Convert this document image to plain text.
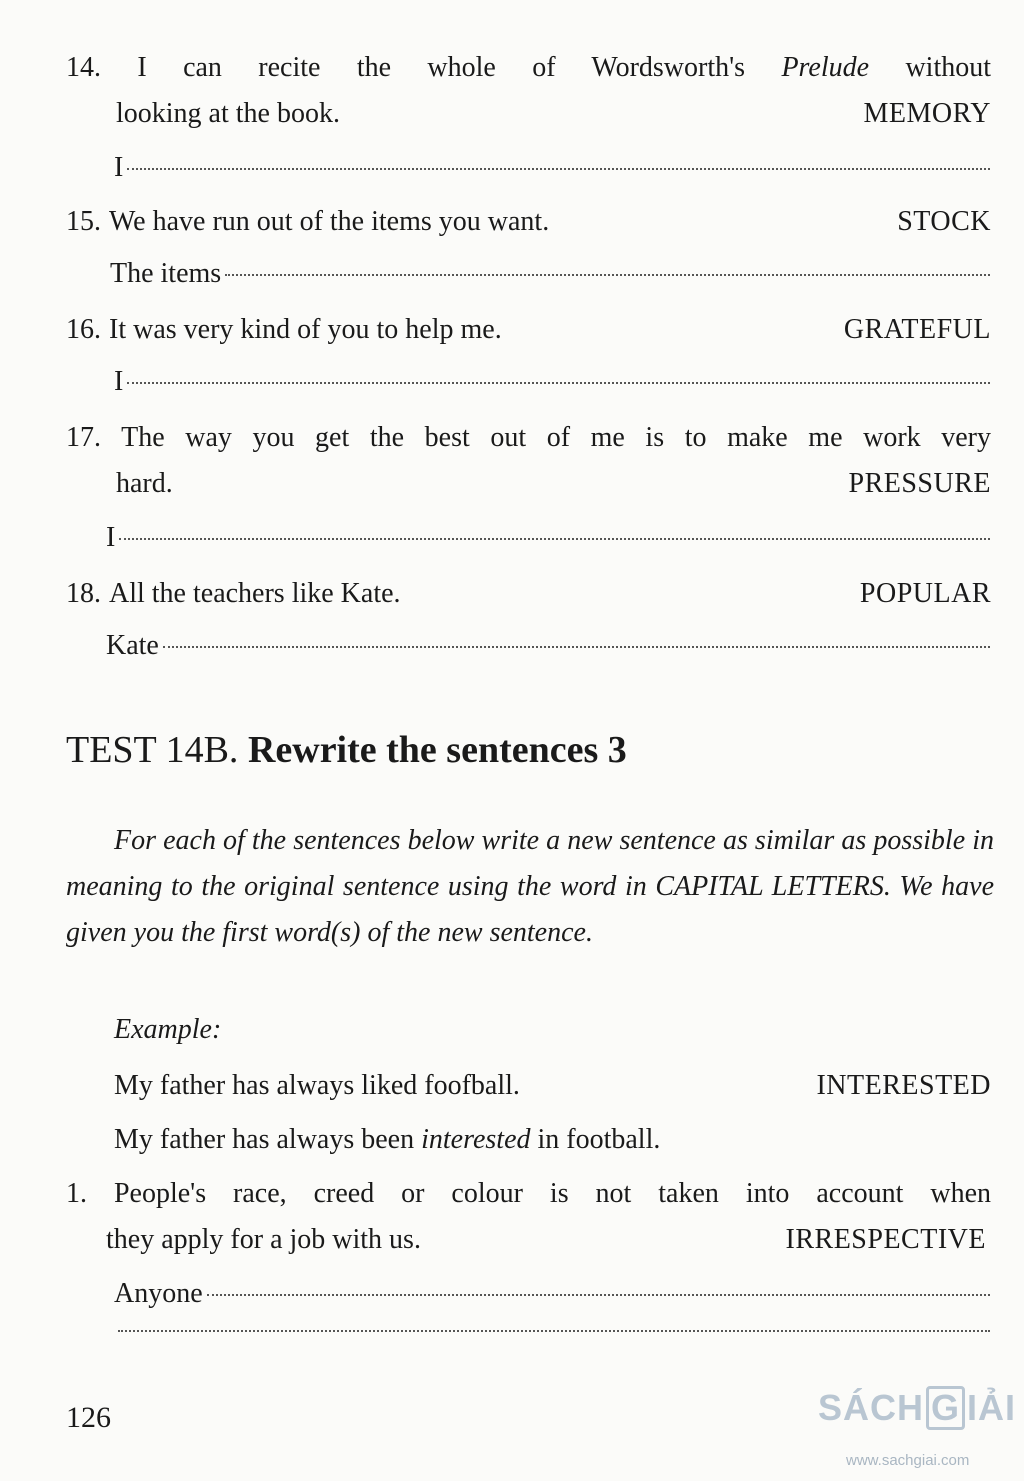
14. I can recite the whole of Wordsworth's Prelude without
looking at the book.	MEMORY
I
15. We have run out of the items you want.	STOCK
The items
16. It was very kind of you to help me.	GRATEFUL
I
17. The way you get the best out of me is to make me work very
hard.	PRESSURE
I
18. All the teachers like Kate.	POPULAR
Kate
TEST 14B. Rewrite the sentences 3
For each of the sentences below write a new sentence as similar as possible in meaning to the original sentence using the word in CAPITAL LETTERS. We have given you the first word(s) of the new sentence.
Example:
My father has always liked foofball.	INTERESTED
My father has always been interested in football.
1. People's race, creed or colour is not taken into account when
they apply for a job with us.	IRRESPECTIVE
Anyone
126	SÁCH G IẢI
www.sachgiai.com
